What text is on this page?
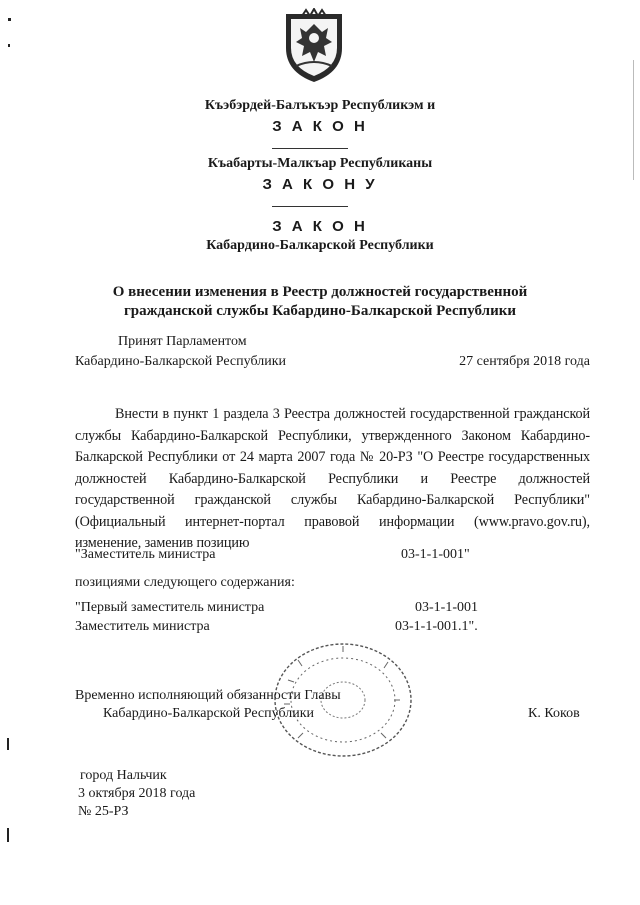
Къэбэрдей-Балъкъэр Республикэм и
З А К О Н
Къабарты-Малкъар Республиканы
З А К О Н У
З А К О Н
Кабардино-Балкарской Республики
О внесении изменения в Реестр должностей государственной
гражданской службы Кабардино-Балкарской Республики
Принят Парламентом
Кабардино-Балкарской Республики	27 сентября 2018 года
Внести в пункт 1 раздела 3 Реестра должностей государственной гражданской службы Кабардино-Балкарской Республики, утвержденного Законом Кабардино-Балкарской Республики от 24 марта 2007 года № 20-РЗ "О Реестре государственных должностей Кабардино-Балкарской Республики и Реестре должностей государственной гражданской службы Кабардино-Балкарской Республики" (Официальный интернет-портал правовой информации (www.pravo.gov.ru), изменение, заменив позицию
"Заместитель министра	03-1-1-001"
позициями следующего содержания:
"Первый заместитель министра	03-1-1-001
Заместитель министра	03-1-1-001.1".
Временно исполняющий обязанности Главы
Кабардино-Балкарской Республики	К. Коков
город Нальчик
3 октября 2018 года
№ 25-РЗ
